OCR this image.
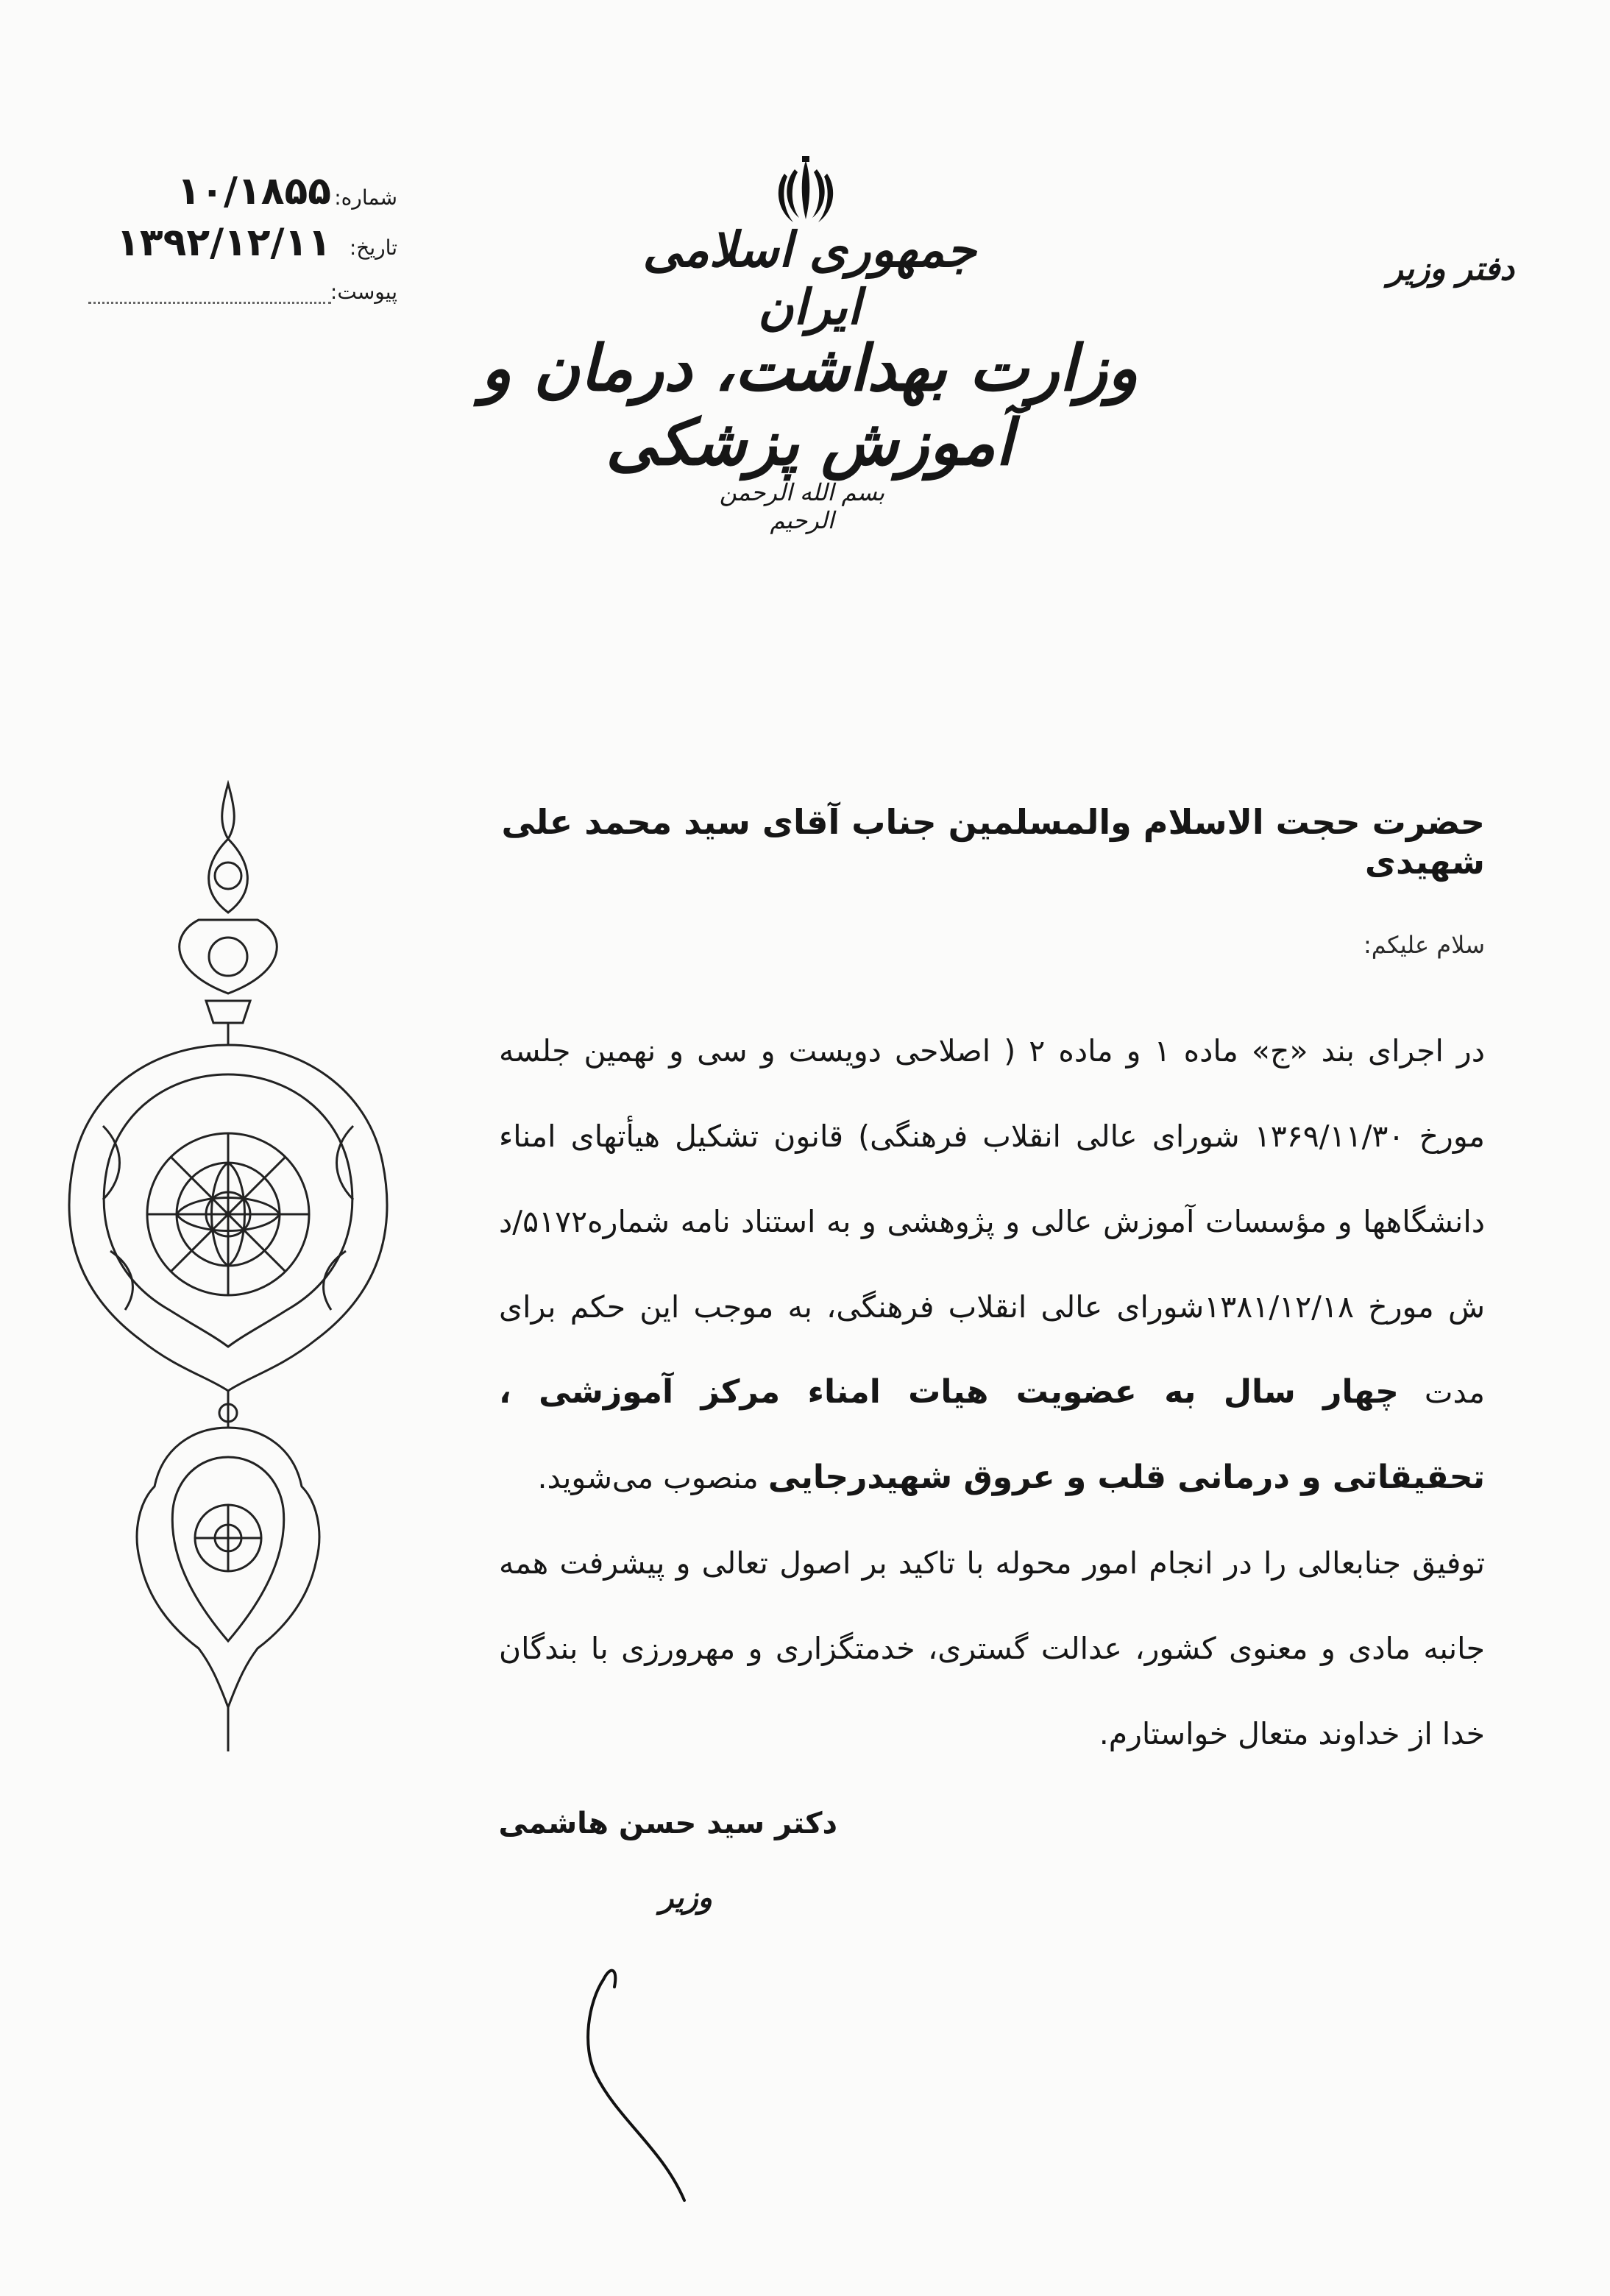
شماره:
۱۰/۱۸۵۵
تاریخ:
۱۳۹۲/۱۲/۱۱
پیوست:
جمهوری اسلامی ایران
وزارت بهداشت، درمان و آموزش پزشکی
بسم الله الرحمن الرحیم
دفتر وزیر
حضرت حجت الاسلام والمسلمین جناب آقای سید محمد علی شهیدی
سلام علیکم:

در اجرای بند «ج» ماده ۱ و ماده ۲ ( اصلاحی دویست و سی و نهمین جلسه مورخ ۱۳۶۹/۱۱/۳۰ شورای عالی انقلاب فرهنگی) قانون تشکیل هیأتهای امناء دانشگاهها و مؤسسات آموزش عالی و پژوهشی و به استناد نامه شماره۵۱۷۲/د ش مورخ ۱۳۸۱/۱۲/۱۸شورای عالی انقلاب فرهنگی، به موجب این حکم برای مدت چهار سال به عضویت هیات امناء مرکز آموزشی ، تحقیقاتی و درمانی قلب و عروق شهیدرجایی منصوب می‌شوید.

توفیق جنابعالی را در انجام امور محوله با تاکید بر اصول تعالی و پیشرفت همه جانبه مادی و معنوی کشور، عدالت گستری، خدمتگزاری و مهرورزی با بندگان خدا از خداوند متعال خواستارم.

دکتر سید حسن هاشمی
وزیر
